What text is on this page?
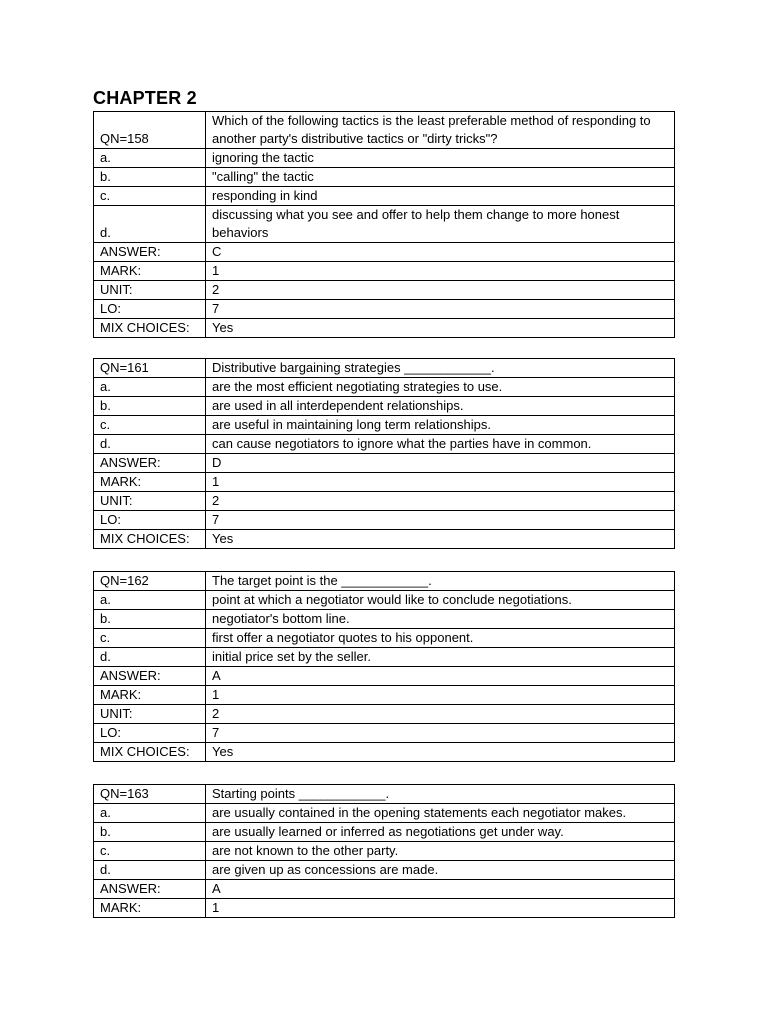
CHAPTER 2
QN=158	Which of the following tactics is the least preferable method of responding to another party's distributive tactics or "dirty tricks"?
a.	ignoring the tactic
b.	"calling" the tactic
c.	responding in kind
d.	discussing what you see and offer to help them change to more honest behaviors
ANSWER:	C
MARK:	1
UNIT:	2
LO:	7
MIX CHOICES:	Yes
QN=161	Distributive bargaining strategies ____________.
a.	are the most efficient negotiating strategies to use.
b.	are used in all interdependent relationships.
c.	are useful in maintaining long term relationships.
d.	can cause negotiators to ignore what the parties have in common.
ANSWER:	D
MARK:	1
UNIT:	2
LO:	7
MIX CHOICES:	Yes
QN=162	The target point is the ____________.
a.	point at which a negotiator would like to conclude negotiations.
b.	negotiator's bottom line.
c.	first offer a negotiator quotes to his opponent.
d.	initial price set by the seller.
ANSWER:	A
MARK:	1
UNIT:	2
LO:	7
MIX CHOICES:	Yes
QN=163	Starting points ____________.
a.	are usually contained in the opening statements each negotiator makes.
b.	are usually learned or inferred as negotiations get under way.
c.	are not known to the other party.
d.	are given up as concessions are made.
ANSWER:	A
MARK:	1
